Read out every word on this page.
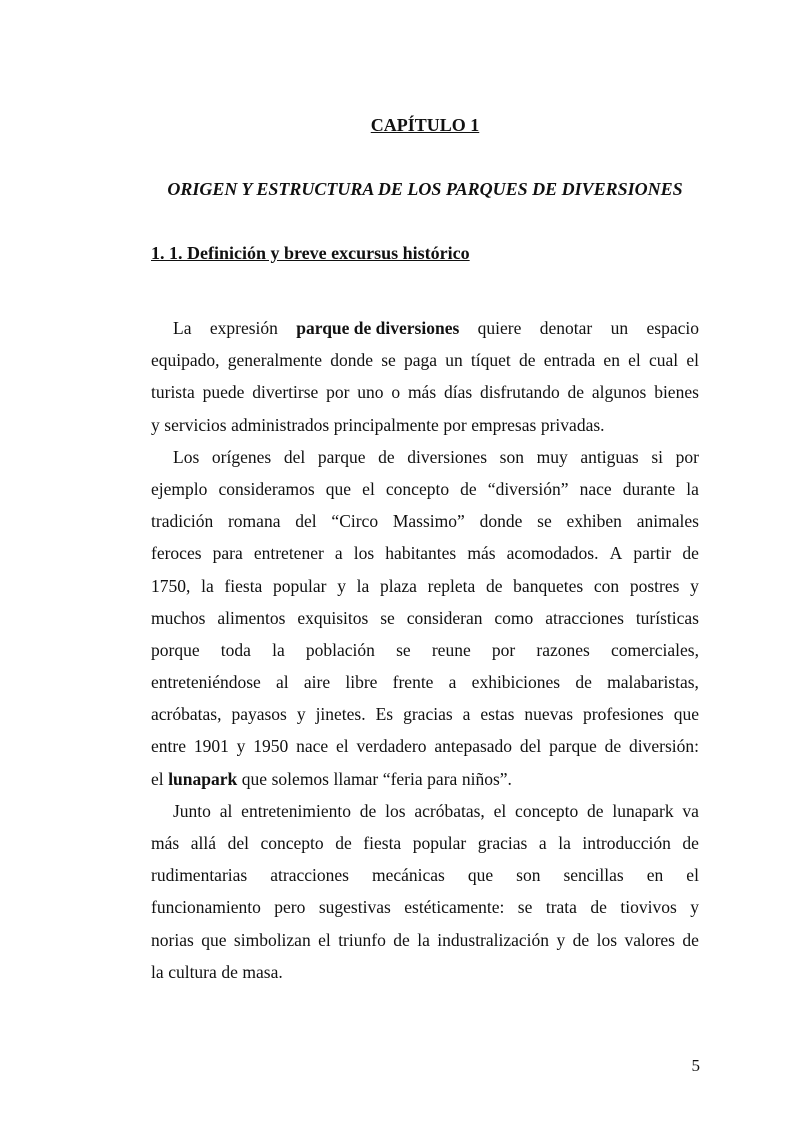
CAPÍTULO 1
ORIGEN Y ESTRUCTURA DE LOS PARQUES DE DIVERSIONES
1. 1. Definición y breve excursus histórico
La expresión parque de diversiones quiere denotar un espacio
equipado, generalmente donde se paga un tíquet de entrada en el cual el
turista puede divertirse por uno o más días disfrutando de algunos bienes
y servicios administrados principalmente por empresas privadas.
Los orígenes del parque de diversiones son muy antiguas si por
ejemplo consideramos que el concepto de “diversión” nace durante la
tradición romana del “Circo Massimo” donde se exhiben animales
feroces para entretener a los habitantes más acomodados. A partir de
1750, la fiesta popular y la plaza repleta de banquetes con postres y
muchos alimentos exquisitos se consideran como atracciones turísticas
porque toda la población se reune por razones comerciales,
entreteniéndose al aire libre frente a exhibiciones de malabaristas,
acróbatas, payasos y jinetes. Es gracias a estas nuevas profesiones que
entre 1901 y 1950 nace el verdadero antepasado del parque de diversión:
el lunapark que solemos llamar “feria para niños”.
Junto al entretenimiento de los acróbatas, el concepto de lunapark va
más allá del concepto de fiesta popular gracias a la introducción de
rudimentarias atracciones mecánicas que son sencillas en el
funcionamiento pero sugestivas estéticamente: se trata de tiovivos y
norias que simbolizan el triunfo de la industralización y de los valores de
la cultura de masa.
5
